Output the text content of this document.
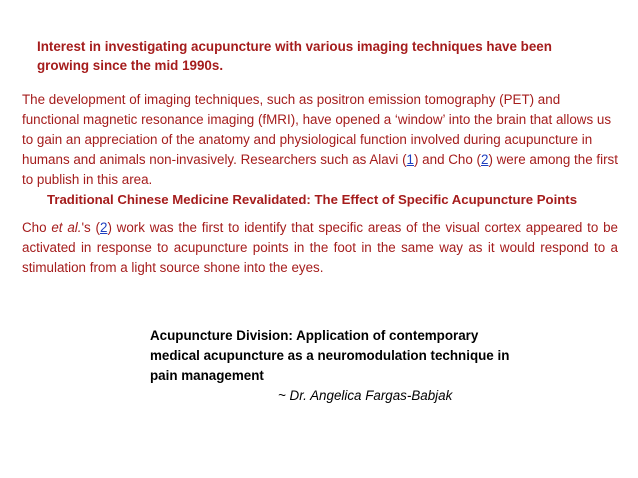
Interest in investigating acupuncture with various imaging techniques have been growing since the mid 1990s.
The development of imaging techniques, such as positron emission tomography (PET) and functional magnetic resonance imaging (fMRI), have opened a ‘window’ into the brain that allows us to gain an appreciation of the anatomy and physiological function involved during acupuncture in humans and animals non-invasively. Researchers such as Alavi (1) and Cho (2) were among the first to publish in this area.
Traditional Chinese Medicine Revalidated: The Effect of Specific Acupuncture Points
Cho et al.'s (2) work was the first to identify that specific areas of the visual cortex appeared to be activated in response to acupuncture points in the foot in the same way as it would respond to a stimulation from a light source shone into the eyes.
Acupuncture Division: Application of contemporary medical acupuncture as a neuromodulation technique in pain management
~ Dr. Angelica Fargas-Babjak
